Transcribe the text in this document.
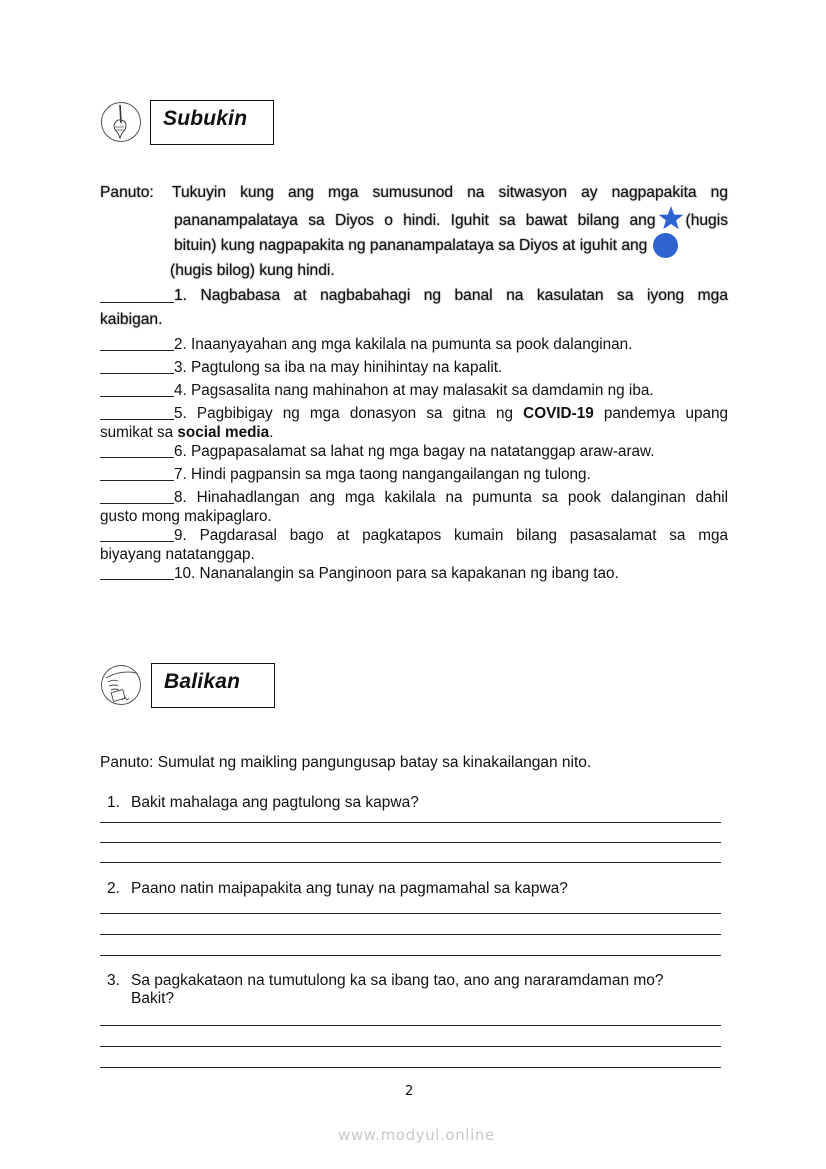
Subukin
Panuto:	Tukuyin kung ang mga sumusunod na sitwasyon ay nagpapakita ng
pananampalataya sa Diyos o hindi. Iguhit sa bawat bilang ang (hugis
bituin) kung nagpapakita ng pananampalataya sa Diyos at iguhit ang
(hugis bilog) kung hindi.
1. Nagbabasa at nagbabahagi ng banal na kasulatan sa iyong mga
kaibigan.
2. Inaanyayahan ang mga kakilala na pumunta sa pook dalanginan.
3. Pagtulong sa iba na may hinihintay na kapalit.
4. Pagsasalita nang mahinahon at may malasakit sa damdamin ng iba.
5. Pagbibigay ng mga donasyon sa gitna ng COVID-19 pandemya upang
sumikat sa social media.
6. Pagpapasalamat sa lahat ng mga bagay na natatanggap araw-araw.
7. Hindi pagpansin sa mga taong nangangailangan ng tulong.
8. Hinahadlangan ang mga kakilala na pumunta sa pook dalanginan dahil
gusto mong makipaglaro.
9. Pagdarasal bago at pagkatapos kumain bilang pasasalamat sa mga
biyayang natatanggap.
10. Nananalangin sa Panginoon para sa kapakanan ng ibang tao.
Balikan
Panuto: Sumulat ng maikling pangungusap batay sa kinakailangan nito.
1. Bakit mahalaga ang pagtulong sa kapwa?
2. Paano natin maipapakita ang tunay na pagmamahal sa kapwa?
3. Sa pagkakataon na tumutulong ka sa ibang tao, ano ang nararamdaman mo?
Bakit?
2
www.modyul.online
